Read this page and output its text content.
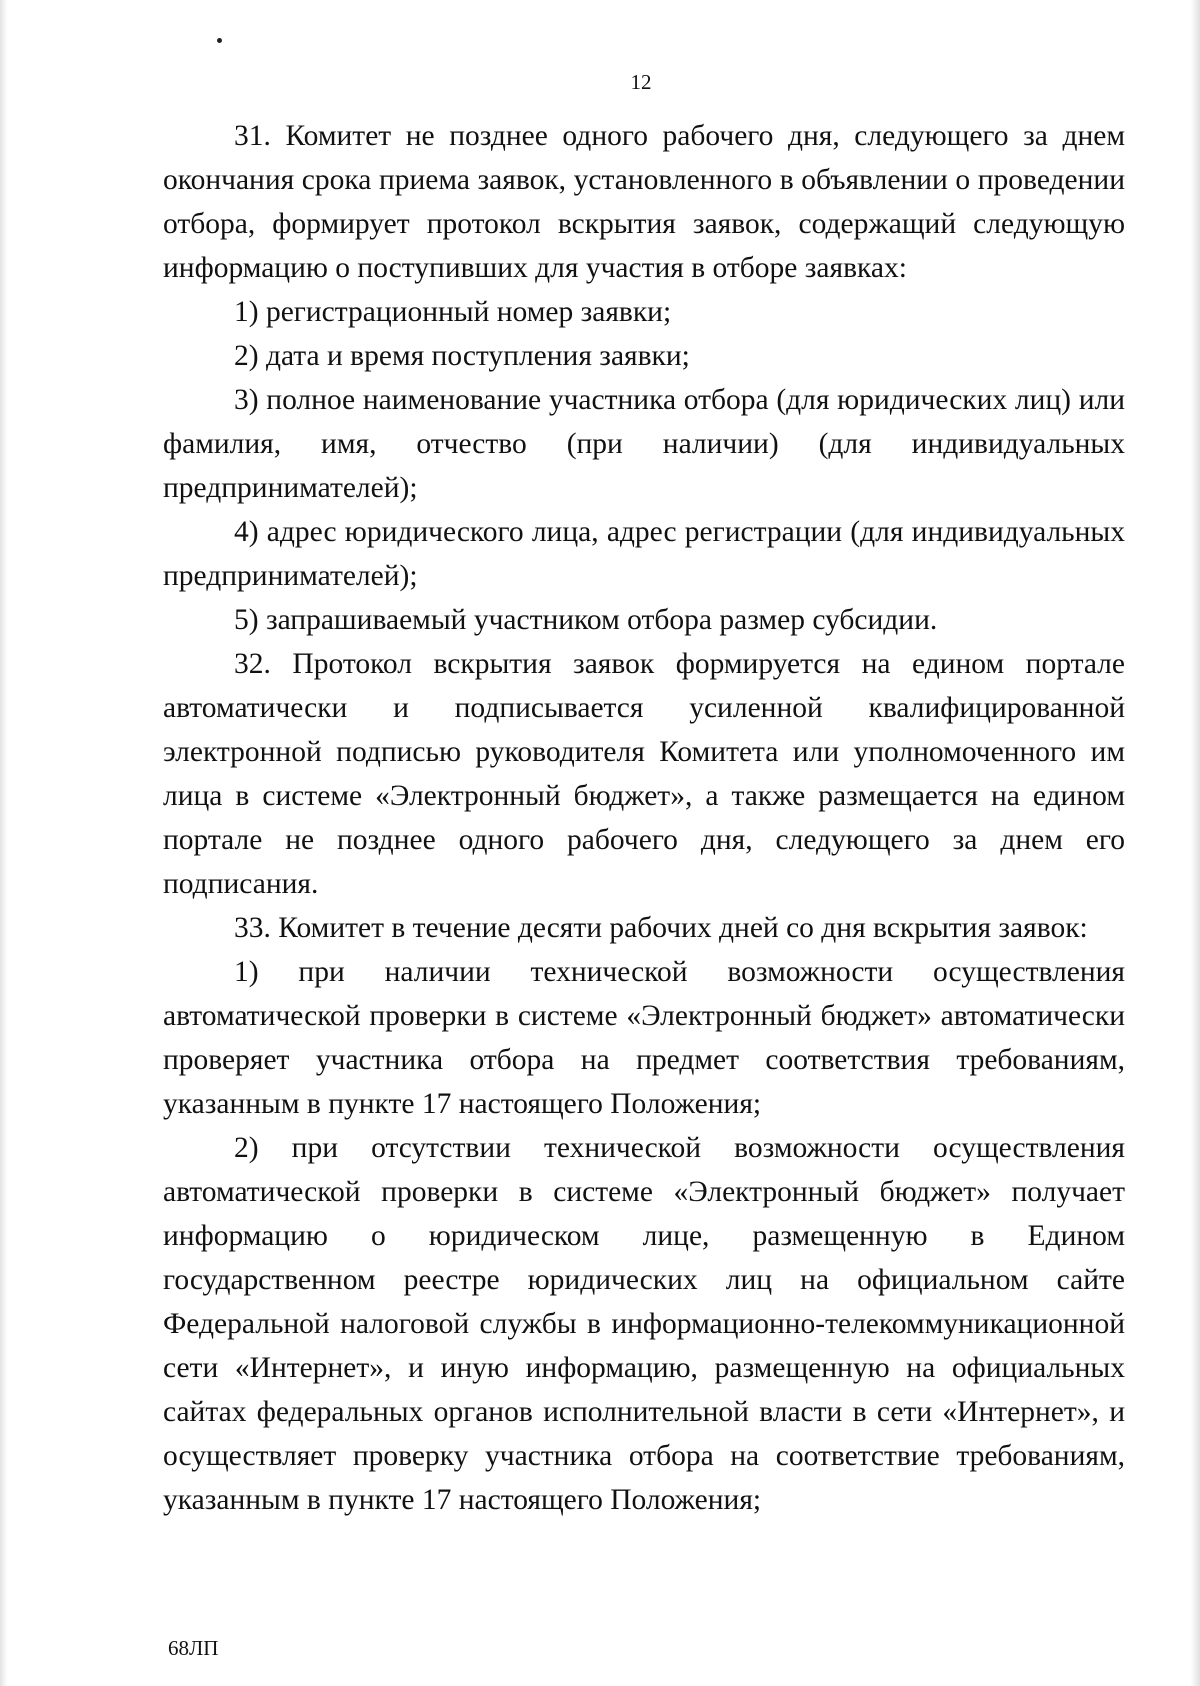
12

31. Комитет не позднее одного рабочего дня, следующего за днем окончания срока приема заявок, установленного в объявлении о проведении отбора, формирует протокол вскрытия заявок, содержащий следующую информацию о поступивших для участия в отборе заявках:

1) регистрационный номер заявки;

2) дата и время поступления заявки;

3) полное наименование участника отбора (для юридических лиц) или фамилия, имя, отчество (при наличии) (для индивидуальных предпринимателей);

4) адрес юридического лица, адрес регистрации (для индивидуальных предпринимателей);

5) запрашиваемый участником отбора размер субсидии.

32. Протокол вскрытия заявок формируется на едином портале автоматически и подписывается усиленной квалифицированной электронной подписью руководителя Комитета или уполномоченного им лица в системе «Электронный бюджет», а также размещается на едином портале не позднее одного рабочего дня, следующего за днем его подписания.

33. Комитет в течение десяти рабочих дней со дня вскрытия заявок:

1) при наличии технической возможности осуществления автоматической проверки в системе «Электронный бюджет» автоматически проверяет участника отбора на предмет соответствия требованиям, указанным в пункте 17 настоящего Положения;

2) при отсутствии технической возможности осуществления автоматической проверки в системе «Электронный бюджет» получает информацию о юридическом лице, размещенную в Едином государственном реестре юридических лиц на официальном сайте Федеральной налоговой службы в информационно-телекоммуникационной сети «Интернет», и иную информацию, размещенную на официальных сайтах федеральных органов исполнительной власти в сети «Интернет», и осуществляет проверку участника отбора на соответствие требованиям, указанным в пункте 17 настоящего Положения;

68ЛП
